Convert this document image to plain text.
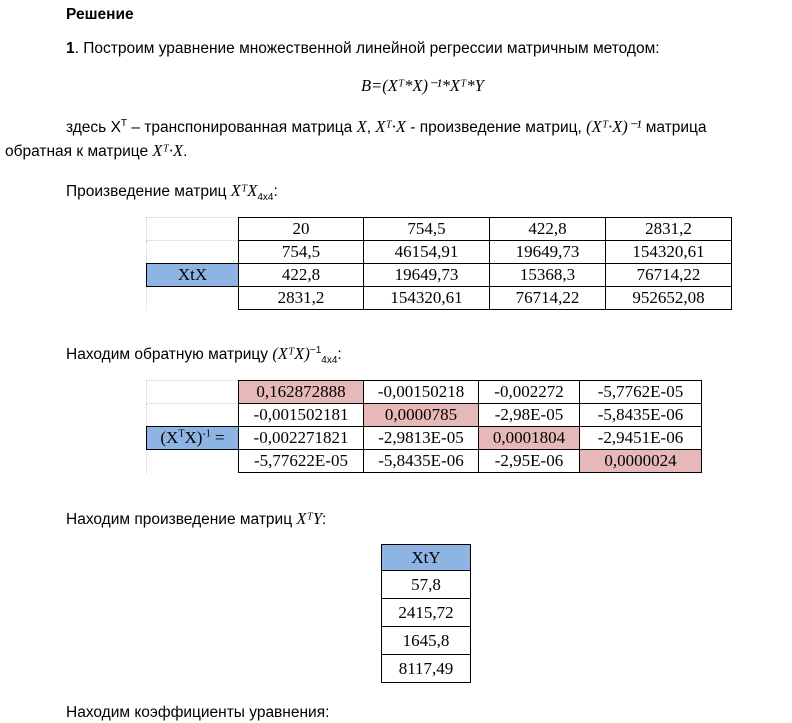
Решение
1. Построим уравнение множественной линейной регрессии матричным методом:
B=(Xᵀ*X)⁻¹*Xᵀ*Y
здесь $X^T$ – транспонированная матрица X, Xᵀ·X - произведение матриц, (Xᵀ·X)⁻¹ матрица
обратная к матрице Xᵀ·X.
Произведение матриц XᵀX$_{4x4}$:
	20	754,5	422,8	2831,2
	754,5	46154,91	19649,73	154320,61
XtX	422,8	19649,73	15368,3	76714,22
	2831,2	154320,61	76714,22	952652,08
Находим обратную матрицу (XᵀX)$^{-1}_{4x4}$:
	0,162872888	-0,00150218	-0,002272	-5,7762E-05
	-0,001502181	0,0000785	-2,98E-05	-5,8435E-06
$(X^TX)^{-1}$ =	-0,002271821	-2,9813E-05	0,0001804	-2,9451E-06
	-5,77622E-05	-5,8435E-06	-2,95E-06	0,0000024
Находим произведение матриц XᵀY:
XtY
57,8
2415,72
1645,8
8117,49
Находим коэффициенты уравнения:
